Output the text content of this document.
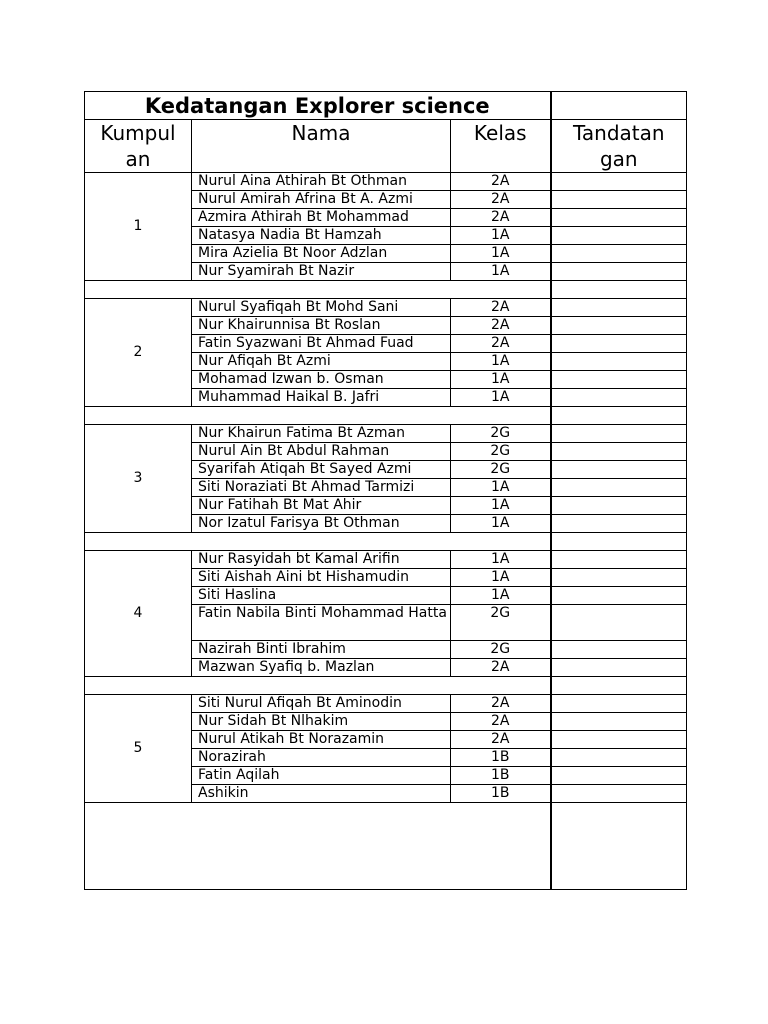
Kedatangan Explorer science			
Kumpul an	Nama	Kelas	Tandatan gan
1	Nurul Aina Athirah Bt Othman	2A	
	Nurul Amirah Afrina Bt A. Azmi	2A	
	Azmira Athirah Bt Mohammad	2A	
	Natasya Nadia Bt Hamzah	1A	
	Mira Azielia Bt Noor Adzlan	1A	
	Nur Syamirah Bt Nazir	1A	

2	Nurul Syafiqah Bt Mohd Sani	2A	
	Nur Khairunnisa Bt Roslan	2A	
	Fatin Syazwani Bt Ahmad Fuad	2A	
	Nur Afiqah Bt Azmi	1A	
	Mohamad Izwan b. Osman	1A	
	Muhammad Haikal B. Jafri	1A	

3	Nur Khairun Fatima Bt Azman	2G	
	Nurul Ain Bt Abdul Rahman	2G	
	Syarifah Atiqah Bt Sayed Azmi	2G	
	Siti Noraziati Bt Ahmad Tarmizi	1A	
	Nur Fatihah Bt Mat Ahir	1A	
	Nor Izatul Farisya Bt Othman	1A	

4	Nur Rasyidah bt Kamal Arifin	1A	
	Siti Aishah Aini bt Hishamudin	1A	
	Siti Haslina	1A	
	Fatin Nabila Binti Mohammad Hatta	2G	
	Nazirah Binti Ibrahim	2G	
	Mazwan Syafiq b. Mazlan	2A	

5	Siti Nurul Afiqah Bt Aminodin	2A	
	Nur Sidah Bt Nlhakim	2A	
	Nurul Atikah Bt Norazamin	2A	
	Norazirah	1B	
	Fatin Aqilah	1B	
	Ashikin	1B	
